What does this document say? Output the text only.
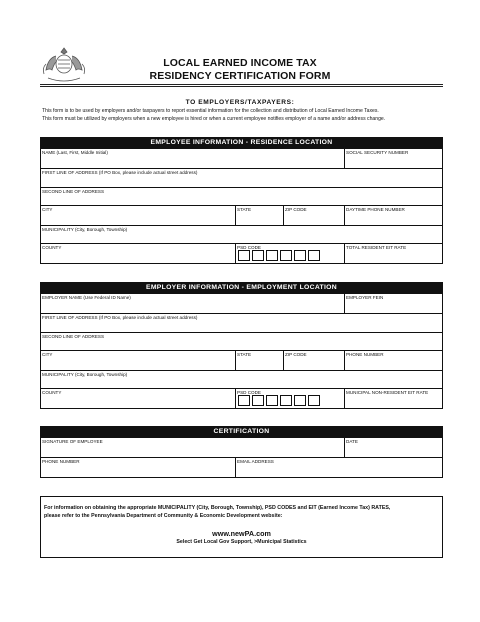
LOCAL EARNED INCOME TAX
RESIDENCY CERTIFICATION FORM
TO EMPLOYERS/TAXPAYERS:
This form is to be used by employers and/or taxpayers to report essential information for the collection and distribution of Local Earned Income Taxes.
This form must be utilized by employers when a new employee is hired or when a current employee notifies employer of a name and/or address change.
EMPLOYEE INFORMATION - RESIDENCE LOCATION
NAME (Last, First, Middle Initial)	SOCIAL SECURITY NUMBER
FIRST LINE OF ADDRESS (If PO Box, please include actual street address)
SECOND LINE OF ADDRESS
CITY	STATE	ZIP CODE	DAYTIME PHONE NUMBER
MUNICIPALITY (City, Borough, Township)
COUNTY	PSD CODE	TOTAL RESIDENT EIT RATE
EMPLOYER INFORMATION - EMPLOYMENT LOCATION
EMPLOYER NAME (Use Federal ID Name)	EMPLOYER FEIN
FIRST LINE OF ADDRESS (If PO Box, please include actual street address)
SECOND LINE OF ADDRESS
CITY	STATE	ZIP CODE	PHONE NUMBER
MUNICIPALITY (City, Borough, Township)
COUNTY	PSD CODE	MUNICIPAL NON-RESIDENT EIT RATE
CERTIFICATION
SIGNATURE OF EMPLOYEE	DATE
PHONE NUMBER	EMAIL ADDRESS
For information on obtaining the appropriate MUNICIPALITY (City, Borough, Township), PSD CODES and EIT (Earned Income Tax) RATES,
please refer to the Pennsylvania Department of Community & Economic Development website:
www.newPA.com
Select Get Local Gov Support, >Municipal Statistics
